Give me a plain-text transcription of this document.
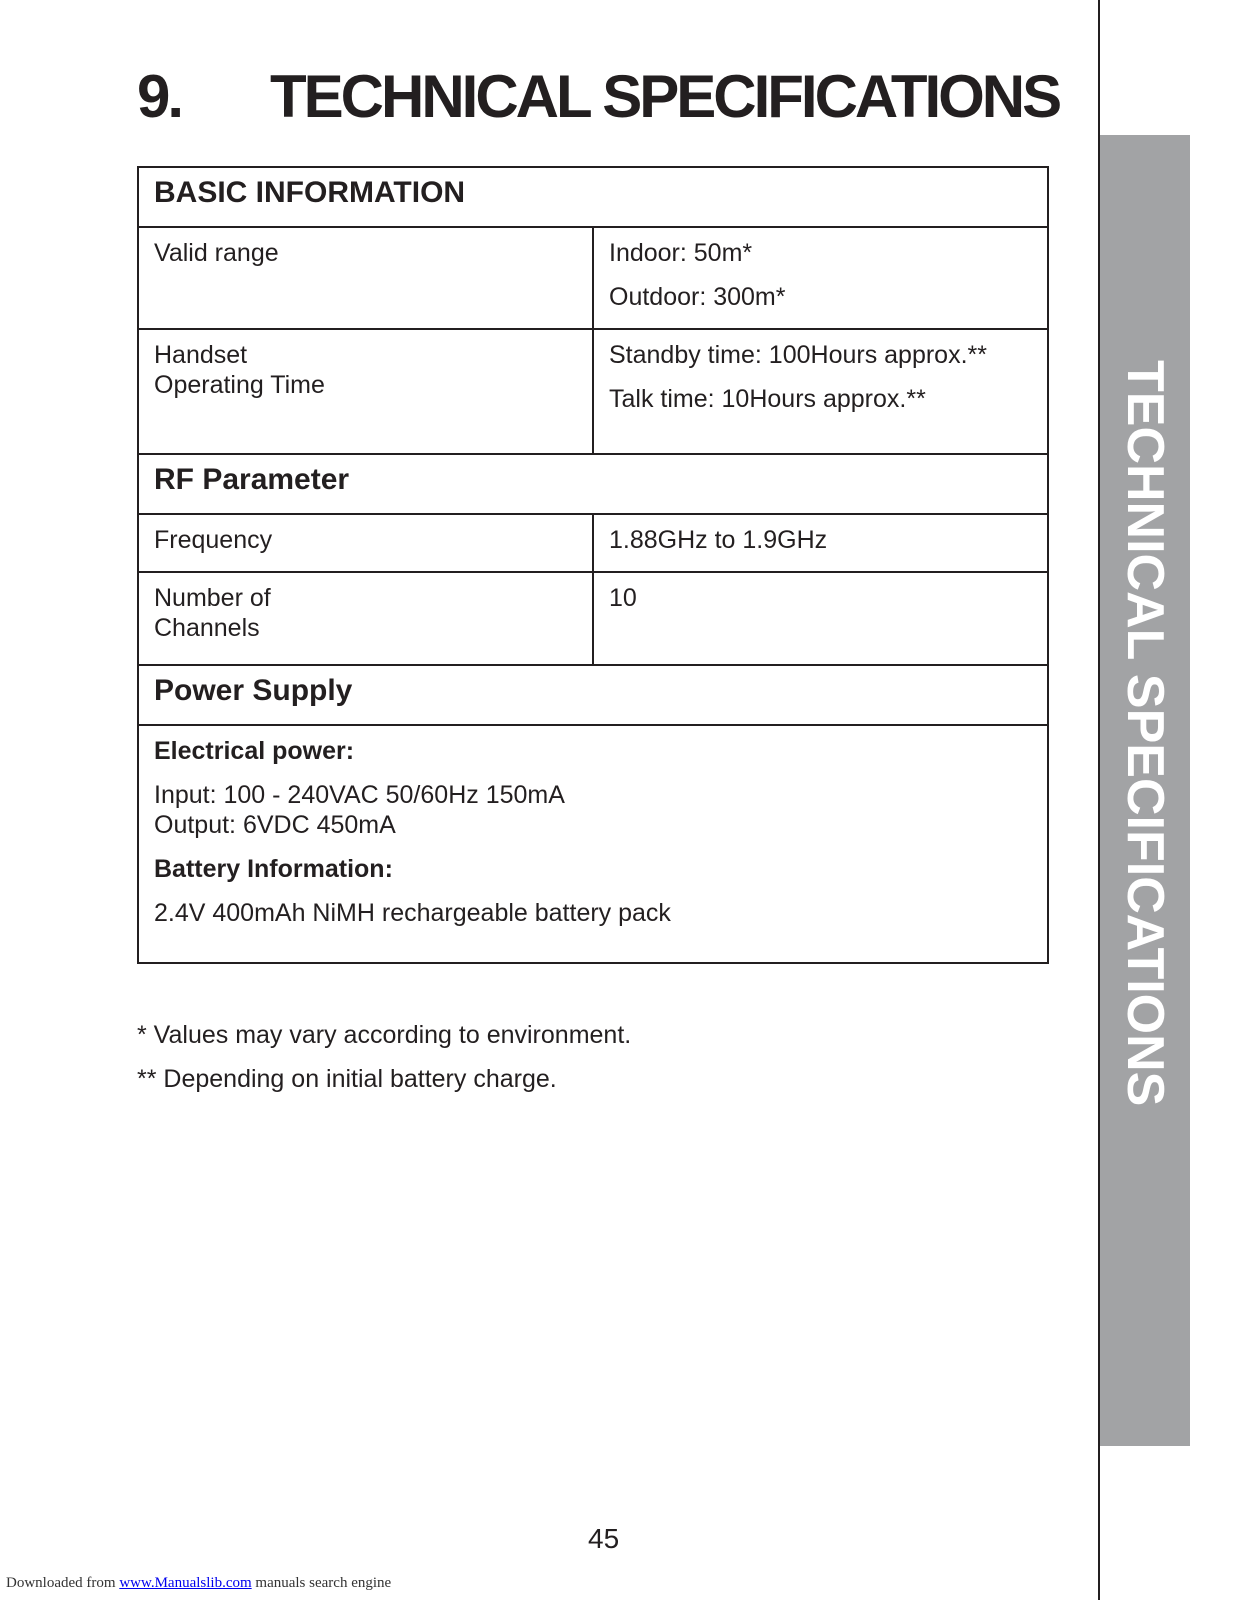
9. TECHNICAL SPECIFICATIONS
BASIC INFORMATION	
Valid range	Indoor: 50m*
Outdoor: 300m*

Handset
Operating Time	Standby time: 100Hours approx.**
Talk time: 10Hours approx.**

RF Parameter	
Frequency	1.88GHz to 1.9GHz

Number of
Channels	10
Power Supply	

Electrical power:
Input: 100 - 240VAC 50/60Hz 150mA
Output: 6VDC 450mA
Battery Information:
2.4V 400mAh NiMH rechargeable battery pack	

* Values may vary according to environment.

** Depending on initial battery charge.	TECHNICAL SPECIFICATIONS
45
Downloaded from www.Manualslib.com manuals search engine
